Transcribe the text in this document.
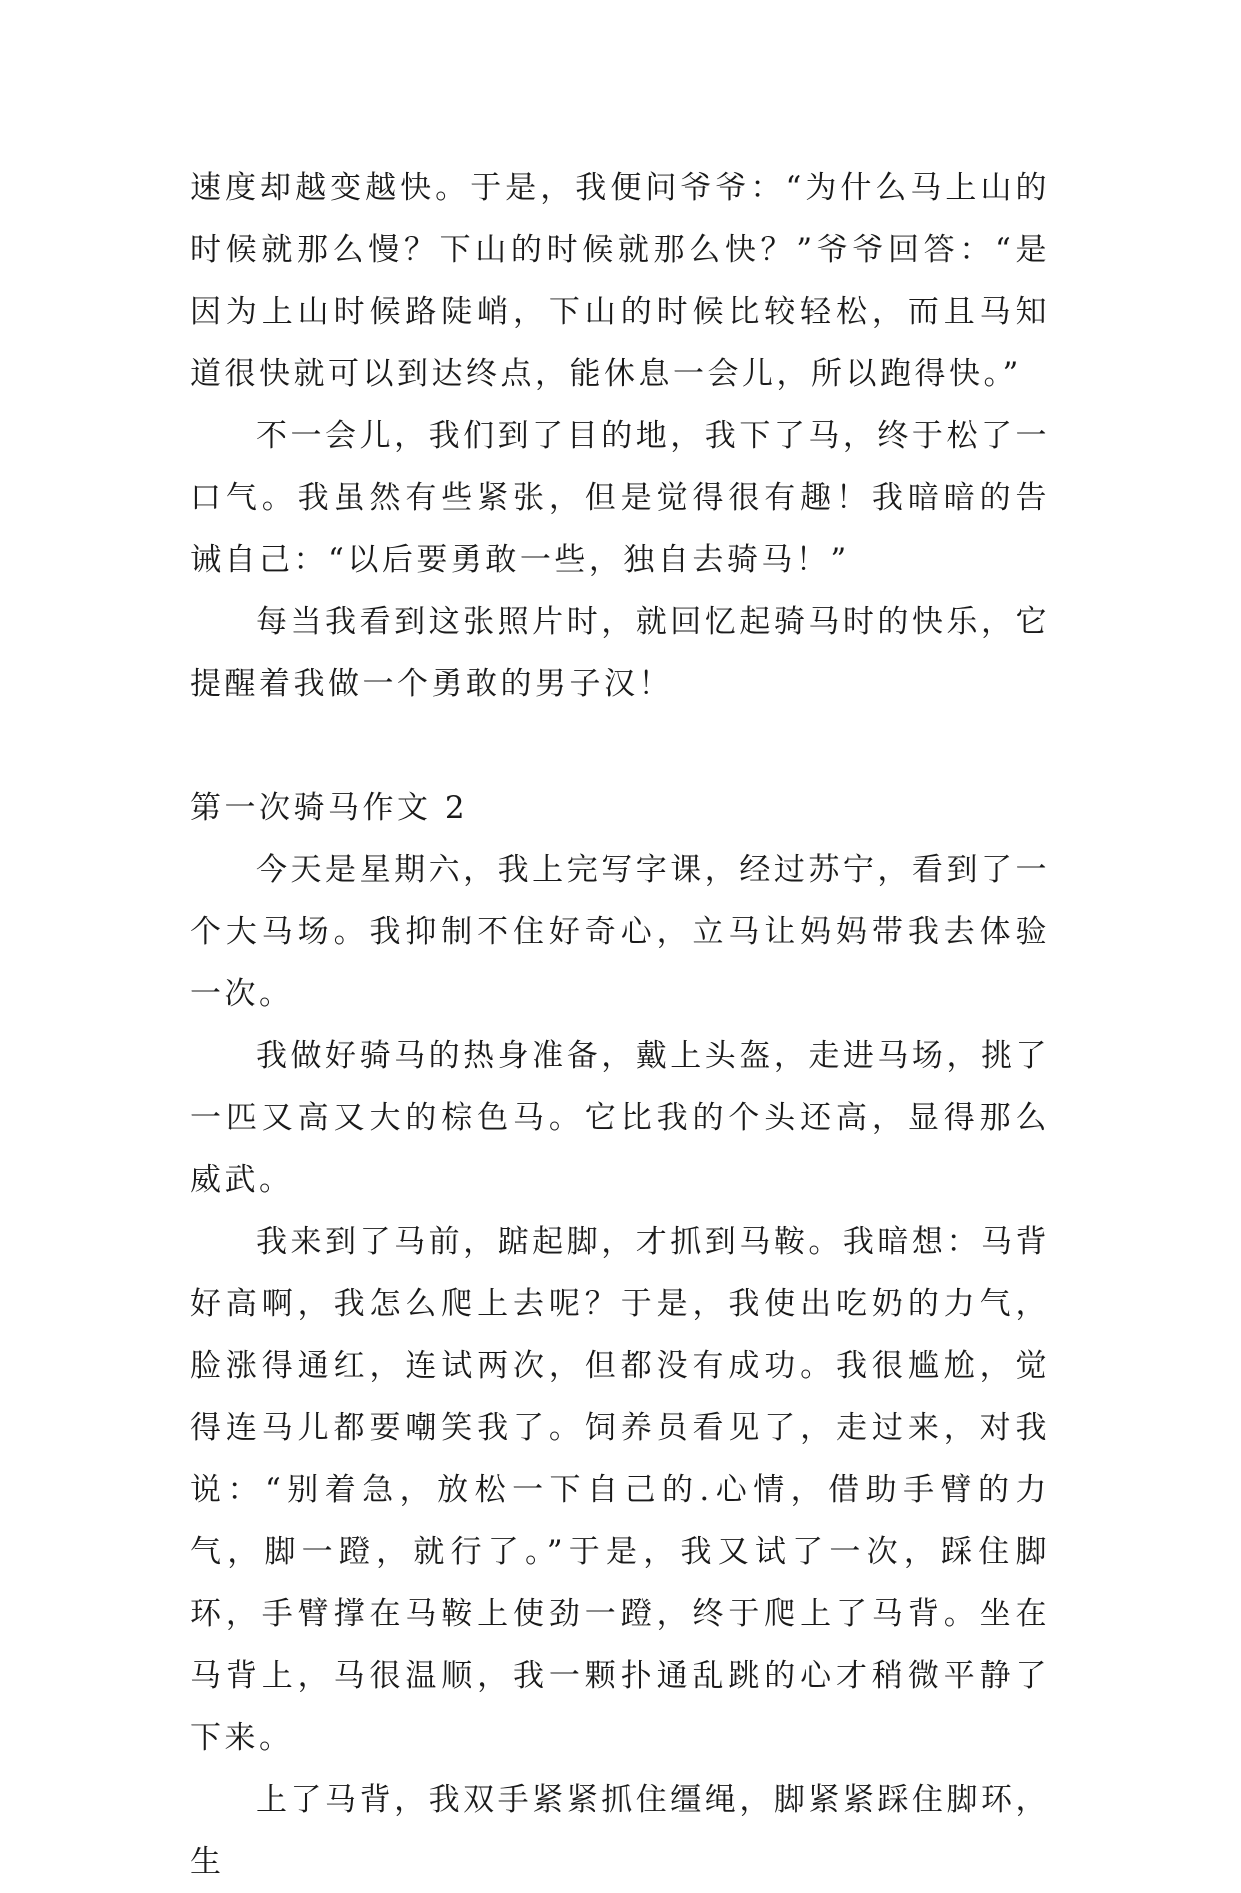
速度却越变越快。于是，我便问爷爷：“为什么马上山的时候就那么慢？下山的时候就那么快？”爷爷回答：“是因为上山时候路陡峭，下山的时候比较轻松，而且马知道很快就可以到达终点，能休息一会儿，所以跑得快。”

不一会儿，我们到了目的地，我下了马，终于松了一口气。我虽然有些紧张，但是觉得很有趣！我暗暗的告诫自己：“以后要勇敢一些，独自去骑马！”

每当我看到这张照片时，就回忆起骑马时的快乐，它提醒着我做一个勇敢的男子汉！

第一次骑马作文 2

今天是星期六，我上完写字课，经过苏宁，看到了一个大马场。我抑制不住好奇心，立马让妈妈带我去体验一次。

我做好骑马的热身准备，戴上头盔，走进马场，挑了一匹又高又大的棕色马。它比我的个头还高，显得那么威武。

我来到了马前，踮起脚，才抓到马鞍。我暗想：马背好高啊，我怎么爬上去呢？于是，我使出吃奶的力气，脸涨得通红，连试两次，但都没有成功。我很尴尬，觉得连马儿都要嘲笑我了。饲养员看见了，走过来，对我说：“别着急，放松一下自己的.心情，借助手臂的力气，脚一蹬，就行了。”于是，我又试了一次，踩住脚环，手臂撑在马鞍上使劲一蹬，终于爬上了马背。坐在马背上，马很温顺，我一颗扑通乱跳的心才稍微平静了下来。

上了马背，我双手紧紧抓住缰绳，脚紧紧踩住脚环，生
